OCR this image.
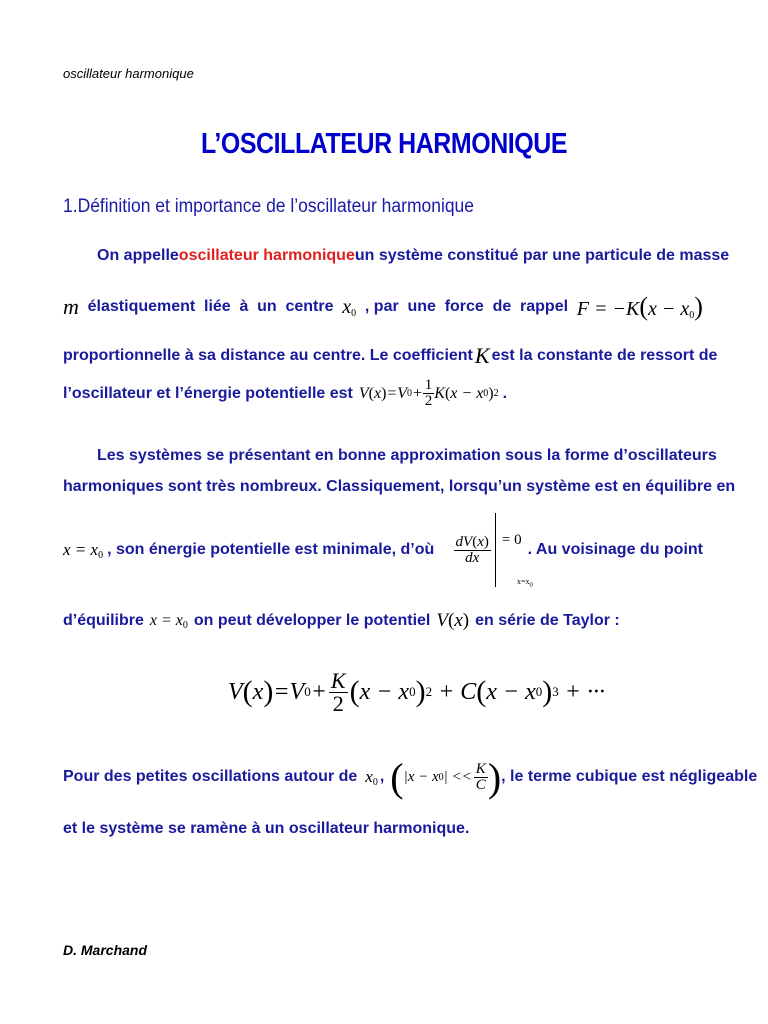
oscillateur harmonique
L’OSCILLATEUR HARMONIQUE
1.Définition et importance de l’oscillateur harmonique
On appelle oscillateur harmonique un système constitué par une particule de masse
m élastiquement liée à un centre $x_0$ , par une force de rappel $F = -K(x - x_0)$
proportionnelle à sa distance au centre. Le coefficient K est la constante de ressort de
l’oscillateur et l’énergie potentielle est V ( x ) =V $0 + \frac{1}{2}$ K ( x − x 0 ) 2 .
Les systèmes se présentant en bonne approximation sous la forme d’oscillateurs
harmoniques sont très nombreux. Classiquement, lorsqu’un système est en équilibre en
$x = x_0$ , son énergie potentielle est minimale, d’où	$\frac{dV(x)}{dx}$
$x=x_0$
= 0
. Au voisinage du point
d’équilibre $x = x_0$ on peut développer le potentiel V(x) en série de Taylor :
V ( x ) =V $0 + \frac{K}{2}$ ( x − x 0 ) 2 + C ( x − x 0 ) 3 + ···
Pour des petites oscillations autour de $x_0$ , ( |x − x 0 | << $\frac{K}{C}$ ) , le terme cubique est négligeable
et le système se ramène à un oscillateur harmonique.
D. Marchand
